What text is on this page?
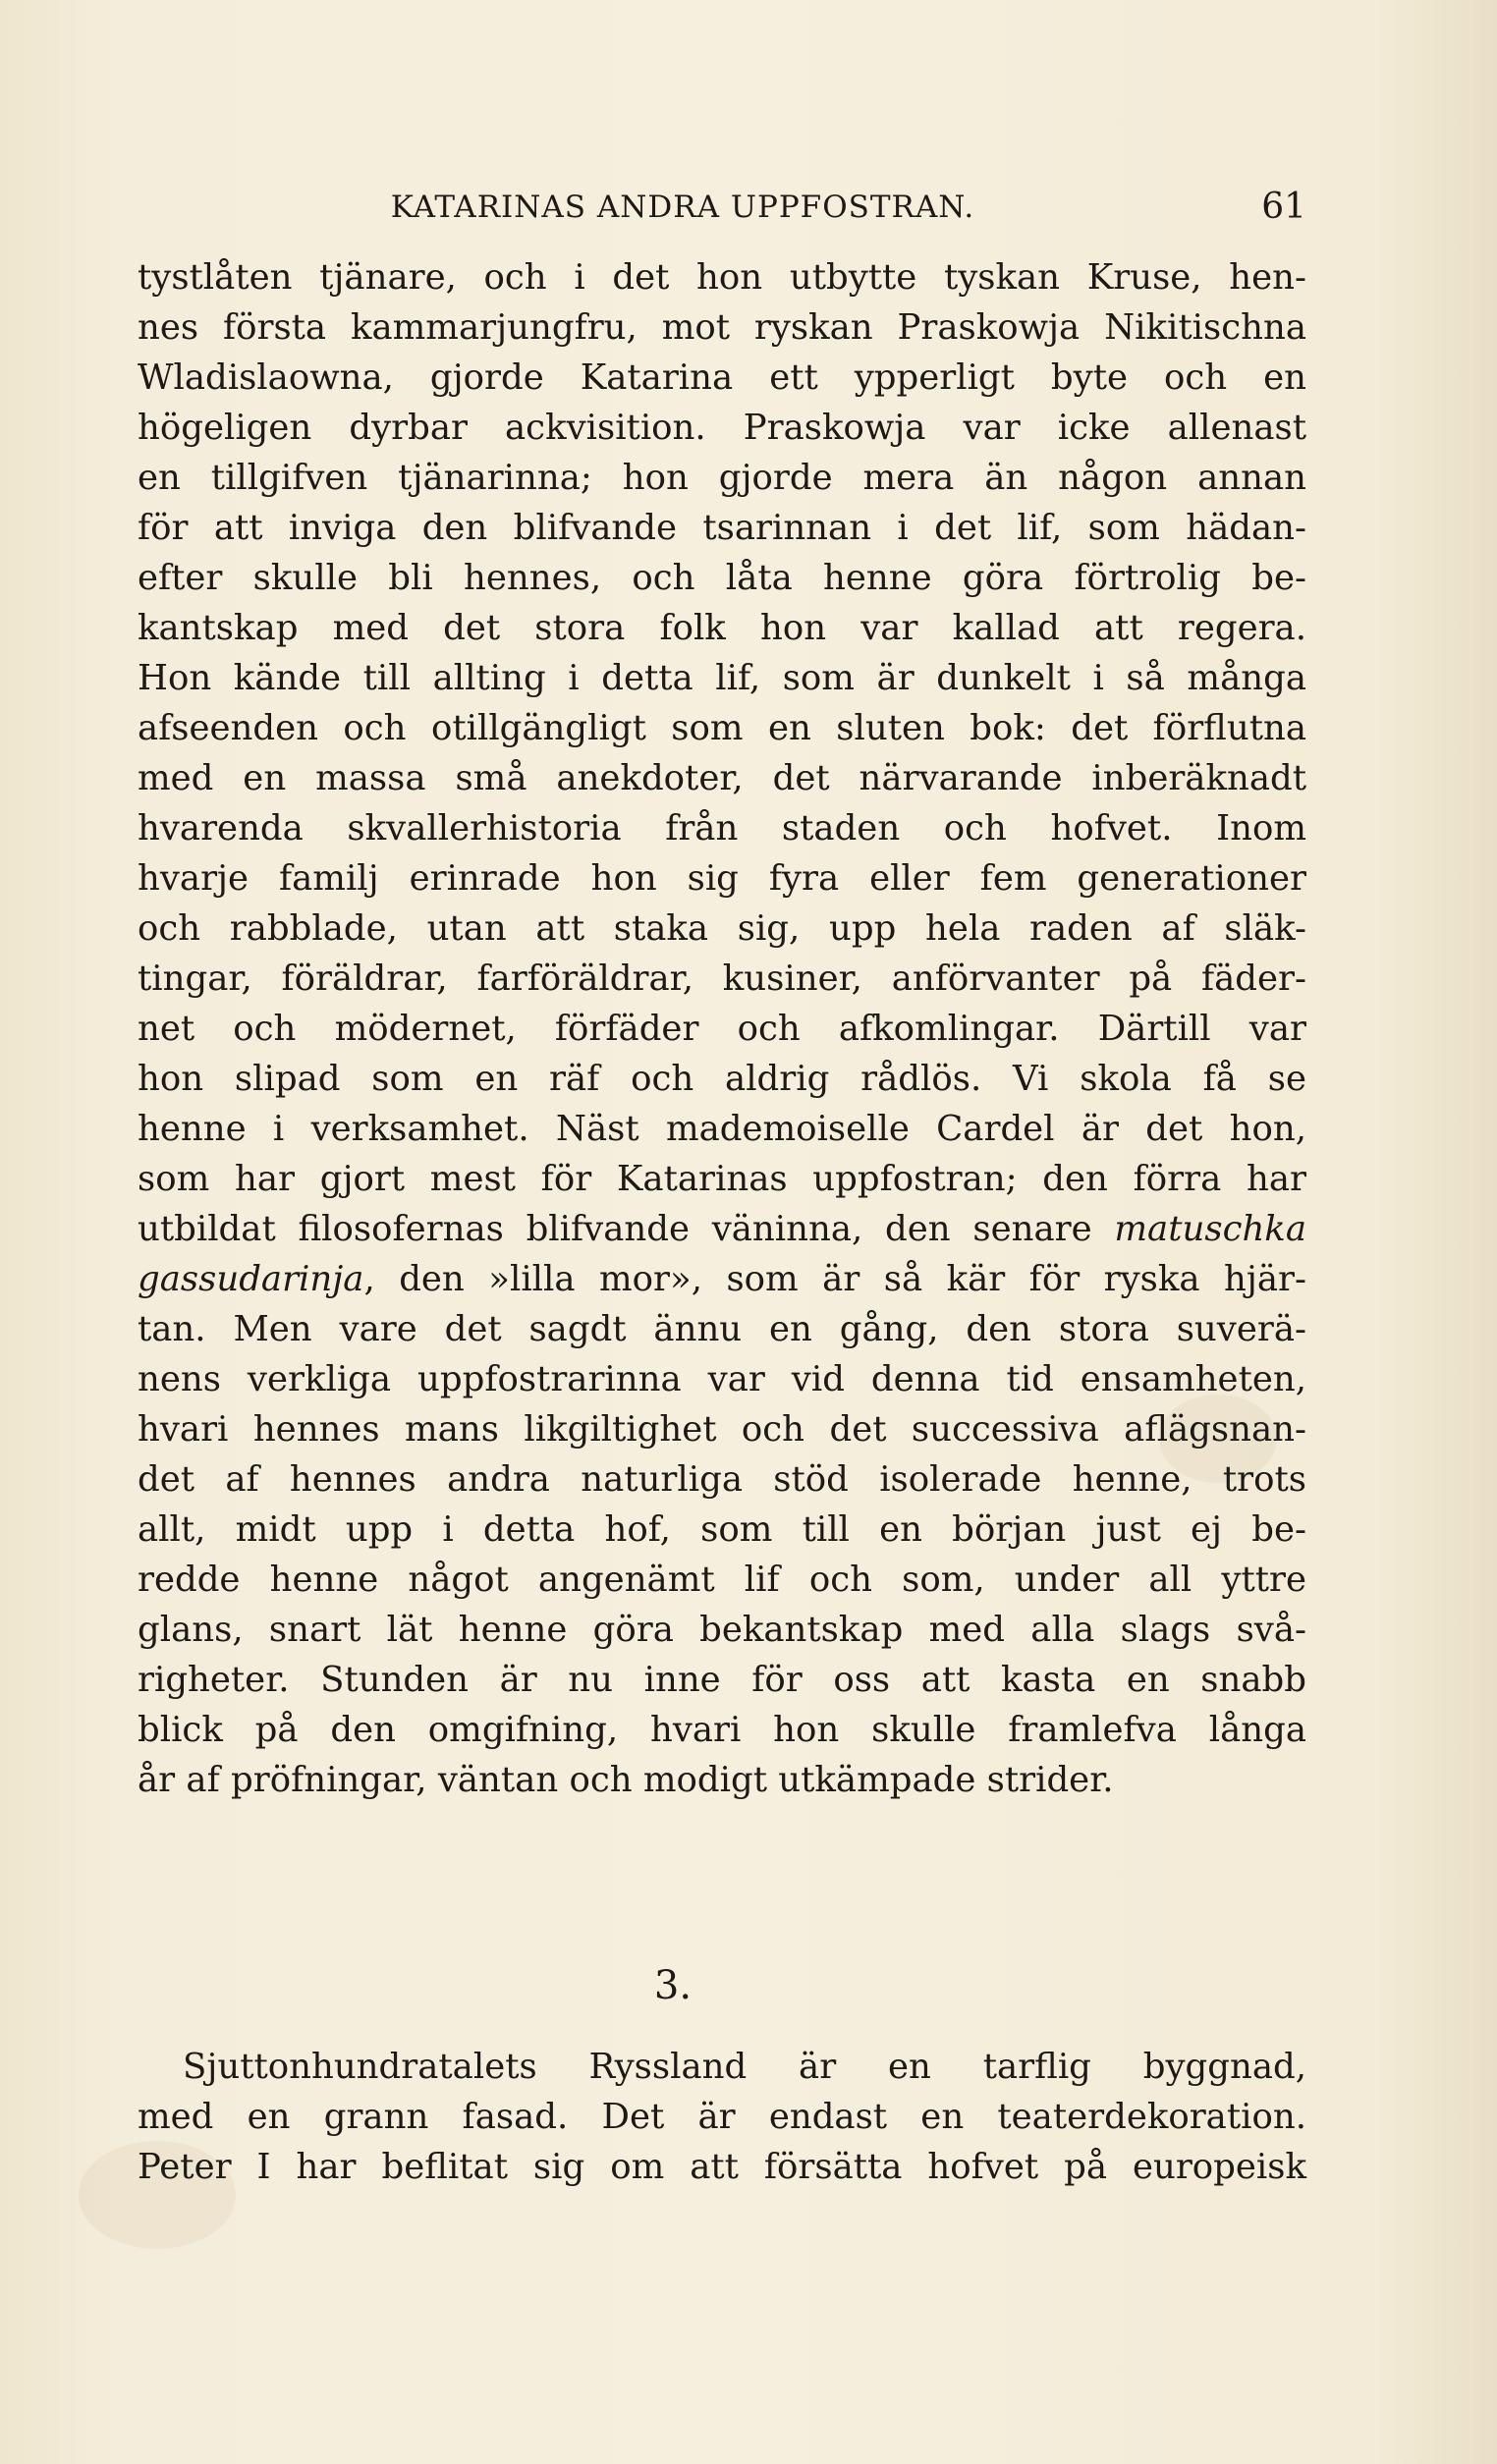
KATARINAS ANDRA UPPFOSTRAN.	61
tystlåten tjänare, och i det hon utbytte tyskan Kruse, hen-
nes första kammarjungfru, mot ryskan Praskowja Nikitischna
Wladislaowna, gjorde Katarina ett ypperligt byte och en
högeligen dyrbar ackvisition. Praskowja var icke allenast
en tillgifven tjänarinna; hon gjorde mera än någon annan
för att inviga den blifvande tsarinnan i det lif, som hädan-
efter skulle bli hennes, och låta henne göra förtrolig be-
kantskap med det stora folk hon var kallad att regera.
Hon kände till allting i detta lif, som är dunkelt i så många
afseenden och otillgängligt som en sluten bok: det förflutna
med en massa små anekdoter, det närvarande inberäknadt
hvarenda skvallerhistoria från staden och hofvet. Inom
hvarje familj erinrade hon sig fyra eller fem generationer
och rabblade, utan att staka sig, upp hela raden af släk-
tingar, föräldrar, farföräldrar, kusiner, anförvanter på fäder-
net och mödernet, förfäder och afkomlingar. Därtill var
hon slipad som en räf och aldrig rådlös. Vi skola få se
henne i verksamhet. Näst mademoiselle Cardel är det hon,
som har gjort mest för Katarinas uppfostran; den förra har
utbildat filosofernas blifvande väninna, den senare matuschka
gassudarinja, den »lilla mor», som är så kär för ryska hjär-
tan. Men vare det sagdt ännu en gång, den stora suverä-
nens verkliga uppfostrarinna var vid denna tid ensamheten,
hvari hennes mans likgiltighet och det successiva aflägsnan-
det af hennes andra naturliga stöd isolerade henne, trots
allt, midt upp i detta hof, som till en början just ej be-
redde henne något angenämt lif och som, under all yttre
glans, snart lät henne göra bekantskap med alla slags svå-
righeter. Stunden är nu inne för oss att kasta en snabb
blick på den omgifning, hvari hon skulle framlefva långa
år af pröfningar, väntan och modigt utkämpade strider.
3.
Sjuttonhundratalets Ryssland är en tarflig byggnad,
med en grann fasad. Det är endast en teaterdekoration.
Peter I har beflitat sig om att försätta hofvet på europeisk
